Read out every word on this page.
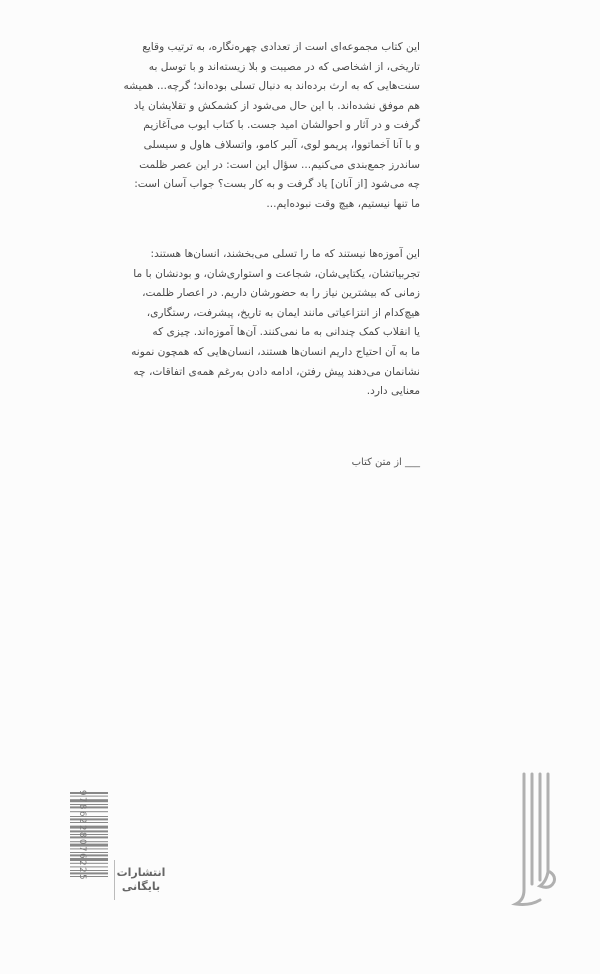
این کتاب مجموعه‌ای است از تعدادی چهره‌نگاره، به ترتیب وقایع
تاریخی، از اشخاصی که در مصیبت و بلا زیسته‌اند و با توسل به
سنت‌هایی که به ارث برده‌اند به دنبال تسلی بوده‌اند؛ گرچه... همیشه
هم موفق نشده‌اند. با این حال می‌شود از کشمکش و تقلایشان یاد
گرفت و در آثار و احوالشان امید جست. با کتاب ایوب می‌آغازیم
و با آنا آخماتووا، پریمو لوی، آلبر کامو، واتسلاف هاول و سیسلی
ساندرز جمع‌بندی می‌کنیم... سؤال این است: در این عصر ظلمت
چه می‌شود [از آنان] یاد گرفت و به کار بست؟ جواب آسان است:
ما تنها نیستیم، هیچ وقت نبوده‌ایم...
این آموزه‌ها نیستند که ما را تسلی می‌بخشند، انسان‌ها هستند:
تجربیاتشان، یکتایی‌شان، شجاعت و استواری‌شان، و بودنشان با ما
زمانی که بیشترین نیاز را به حضورشان داریم. در اعصار ظلمت،
هیچ‌کدام از انتزاعیاتی مانند ایمان به تاریخ، پیشرفت، رستگاری،
یا انقلاب کمک چندانی به ما نمی‌کنند. آن‌ها آموزه‌اند. چیزی که
ما به آن احتیاج داریم انسان‌ها هستند، انسان‌هایی که همچون نمونه
نشانمان می‌دهند پیش رفتن، ادامه دادن به‌رغم همه‌ی اتفاقات، چه
معنایی دارد.
___ از متن کتاب
9786228076225	انتشارات
بایگانی
